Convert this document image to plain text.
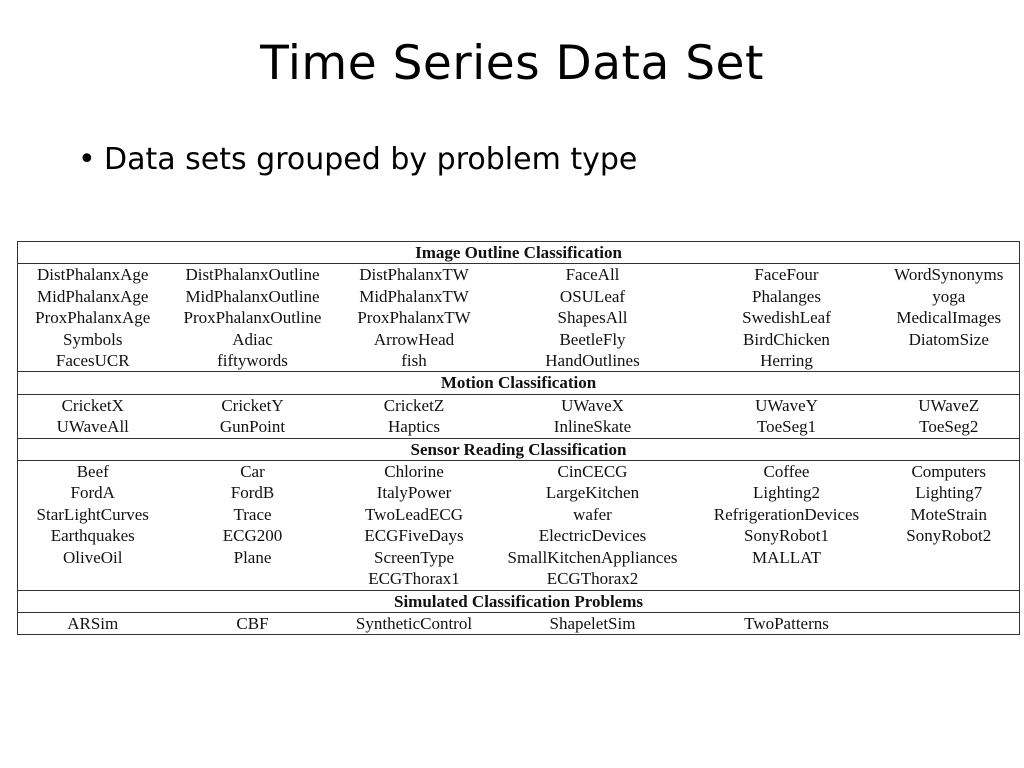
Time Series Data Set
• Data sets grouped by problem type
Image Outline Classification					
DistPhalanxAge	DistPhalanxOutline	DistPhalanxTW	FaceAll	FaceFour	WordSynonyms
MidPhalanxAge	MidPhalanxOutline	MidPhalanxTW	OSULeaf	Phalanges	yoga
ProxPhalanxAge	ProxPhalanxOutline	ProxPhalanxTW	ShapesAll	SwedishLeaf	MedicalImages
Symbols	Adiac	ArrowHead	BeetleFly	BirdChicken	DiatomSize
FacesUCR	fiftywords	fish	HandOutlines	Herring	
Motion Classification					
CricketX	CricketY	CricketZ	UWaveX	UWaveY	UWaveZ
UWaveAll	GunPoint	Haptics	InlineSkate	ToeSeg1	ToeSeg2
Sensor Reading Classification					
Beef	Car	Chlorine	CinCECG	Coffee	Computers
FordA	FordB	ItalyPower	LargeKitchen	Lighting2	Lighting7
StarLightCurves	Trace	TwoLeadECG	wafer	RefrigerationDevices	MoteStrain
Earthquakes	ECG200	ECGFiveDays	ElectricDevices	SonyRobot1	SonyRobot2
OliveOil	Plane	ScreenType	SmallKitchenAppliances	MALLAT	
		ECGThorax1	ECGThorax2		
Simulated Classification Problems					
ARSim	CBF	SyntheticControl	ShapeletSim	TwoPatterns	
